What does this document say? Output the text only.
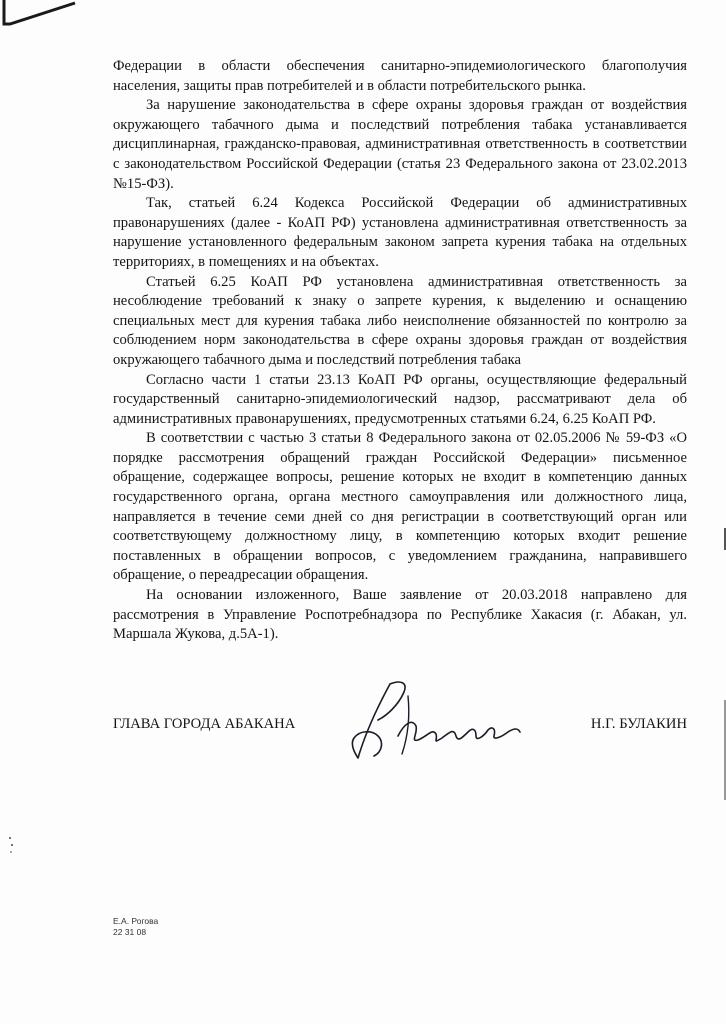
Федерации в области обеспечения санитарно-эпидемиологического благополучия населения, защиты прав потребителей и в области потребительского рынка.

За нарушение законодательства в сфере охраны здоровья граждан от воздействия окружающего табачного дыма и последствий потребления табака устанавливается дисциплинарная, гражданско-правовая, административная ответственность в соответствии с законодательством Российской Федерации (статья 23 Федерального закона от 23.02.2013 №15-ФЗ).

Так, статьей 6.24 Кодекса Российской Федерации об административных правонарушениях (далее - КоАП РФ) установлена административная ответственность за нарушение установленного федеральным законом запрета курения табака на отдельных территориях, в помещениях и на объектах.

Статьей 6.25 КоАП РФ установлена административная ответственность за несоблюдение требований к знаку о запрете курения, к выделению и оснащению специальных мест для курения табака либо неисполнение обязанностей по контролю за соблюдением норм законодательства в сфере охраны здоровья граждан от воздействия окружающего табачного дыма и последствий потребления табака

Согласно части 1 статьи 23.13 КоАП РФ органы, осуществляющие федеральный государственный санитарно-эпидемиологический надзор, рассматривают дела об административных правонарушениях, предусмотренных статьями 6.24, 6.25 КоАП РФ.

В соответствии с частью 3 статьи 8 Федерального закона от 02.05.2006 № 59-ФЗ «О порядке рассмотрения обращений граждан Российской Федерации» письменное обращение, содержащее вопросы, решение которых не входит в компетенцию данных государственного органа, органа местного самоуправления или должностного лица, направляется в течение семи дней со дня регистрации в соответствующий орган или соответствующему должностному лицу, в компетенцию которых входит решение поставленных в обращении вопросов, с уведомлением гражданина, направившего обращение, о переадресации обращения.

На основании изложенного, Ваше заявление от 20.03.2018 направлено для рассмотрения в Управление Роспотребнадзора по Республике Хакасия (г. Абакан, ул. Маршала Жукова, д.5А-1).

ГЛАВА ГОРОДА АБАКАНА	Н.Г. БУЛАКИН
Е.А. Рогова
22 31 08
